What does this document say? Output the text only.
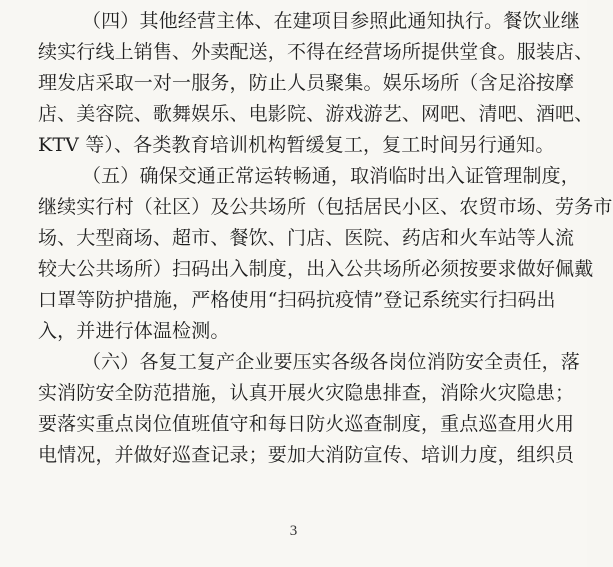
（四）其他经营主体、在建项目参照此通知执行。餐饮业继
续实行线上销售、外卖配送，不得在经营场所提供堂食。服装店、
理发店采取一对一服务，防止人员聚集。娱乐场所（含足浴按摩
店、美容院、歌舞娱乐、电影院、游戏游艺、网吧、清吧、酒吧、
KTV 等）、各类教育培训机构暂缓复工，复工时间另行通知。
（五）确保交通正常运转畅通，取消临时出入证管理制度，
继续实行村（社区）及公共场所（包括居民小区、农贸市场、劳务市
场、大型商场、超市、餐饮、门店、医院、药店和火车站等人流
较大公共场所）扫码出入制度，出入公共场所必须按要求做好佩戴
口罩等防护措施，严格使用“扫码抗疫情”登记系统实行扫码出
入，并进行体温检测。
（六）各复工复产企业要压实各级各岗位消防安全责任，落
实消防安全防范措施，认真开展火灾隐患排查，消除火灾隐患；
要落实重点岗位值班值守和每日防火巡查制度，重点巡查用火用
电情况，并做好巡查记录；要加大消防宣传、培训力度，组织员
3
